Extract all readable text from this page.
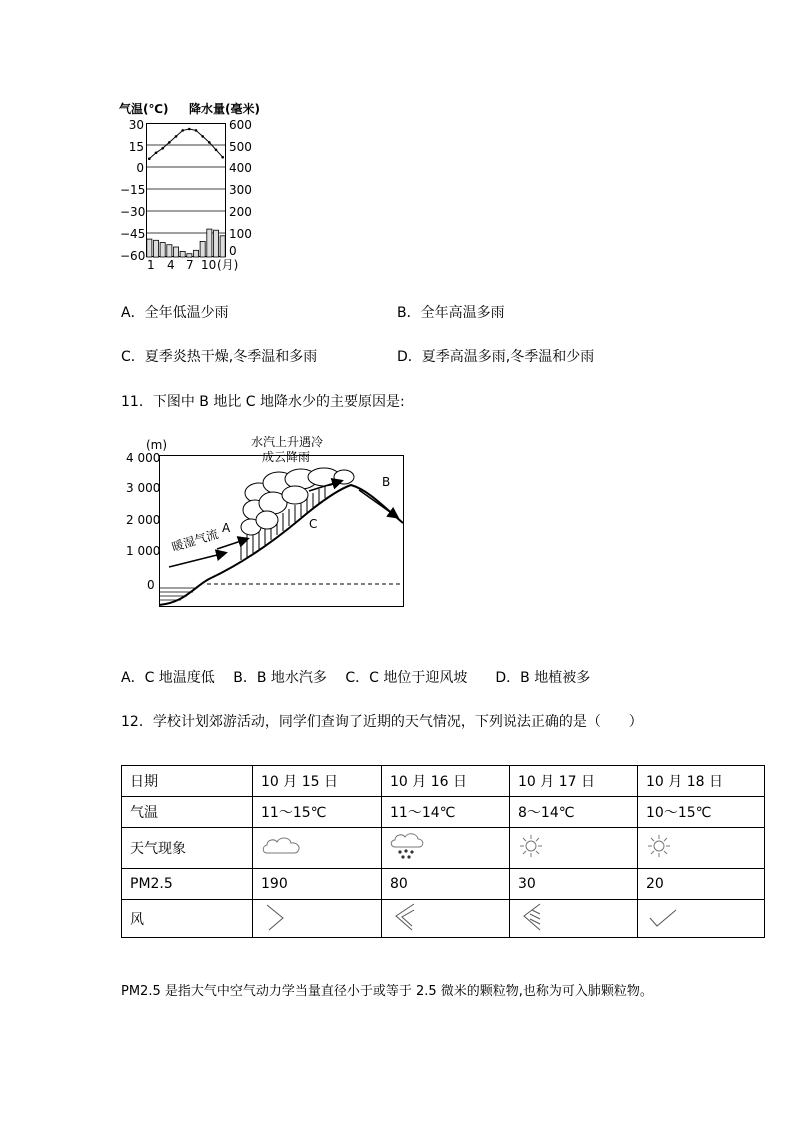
气温(℃) 降水量(毫米)
30
15
0
−15
−30
−45
−60
600
500
400
300
200
100
0
1 4 7 10 (月)
A．全年低温少雨	B．全年高温多雨
C．夏季炎热干燥,冬季温和多雨	D．夏季高温多雨,冬季温和少雨
11．下图中 B 地比 C 地降水少的主要原因是:
(m)
4 000
3 000
2 000
1 000
0
水汽上升遇冷
成云降雨
A
B
C
暖湿气流
A．C 地温度低　 B．B 地水汽多　 C．C 地位于迎风坡　　D．B 地植被多
12．学校计划郊游活动，同学们查询了近期的天气情况，下列说法正确的是（　　）
日期	10 月 15 日	10 月 16 日	10 月 17 日	10 月 18 日
气温	11～15℃	11～14℃	8～14℃	10～15℃
天气现象				
PM2.5	190	80	30	20
风				
PM2.5 是指大气中空气动力学当量直径小于或等于 2.5 微米的颗粒物,也称为可入肺颗粒物。
